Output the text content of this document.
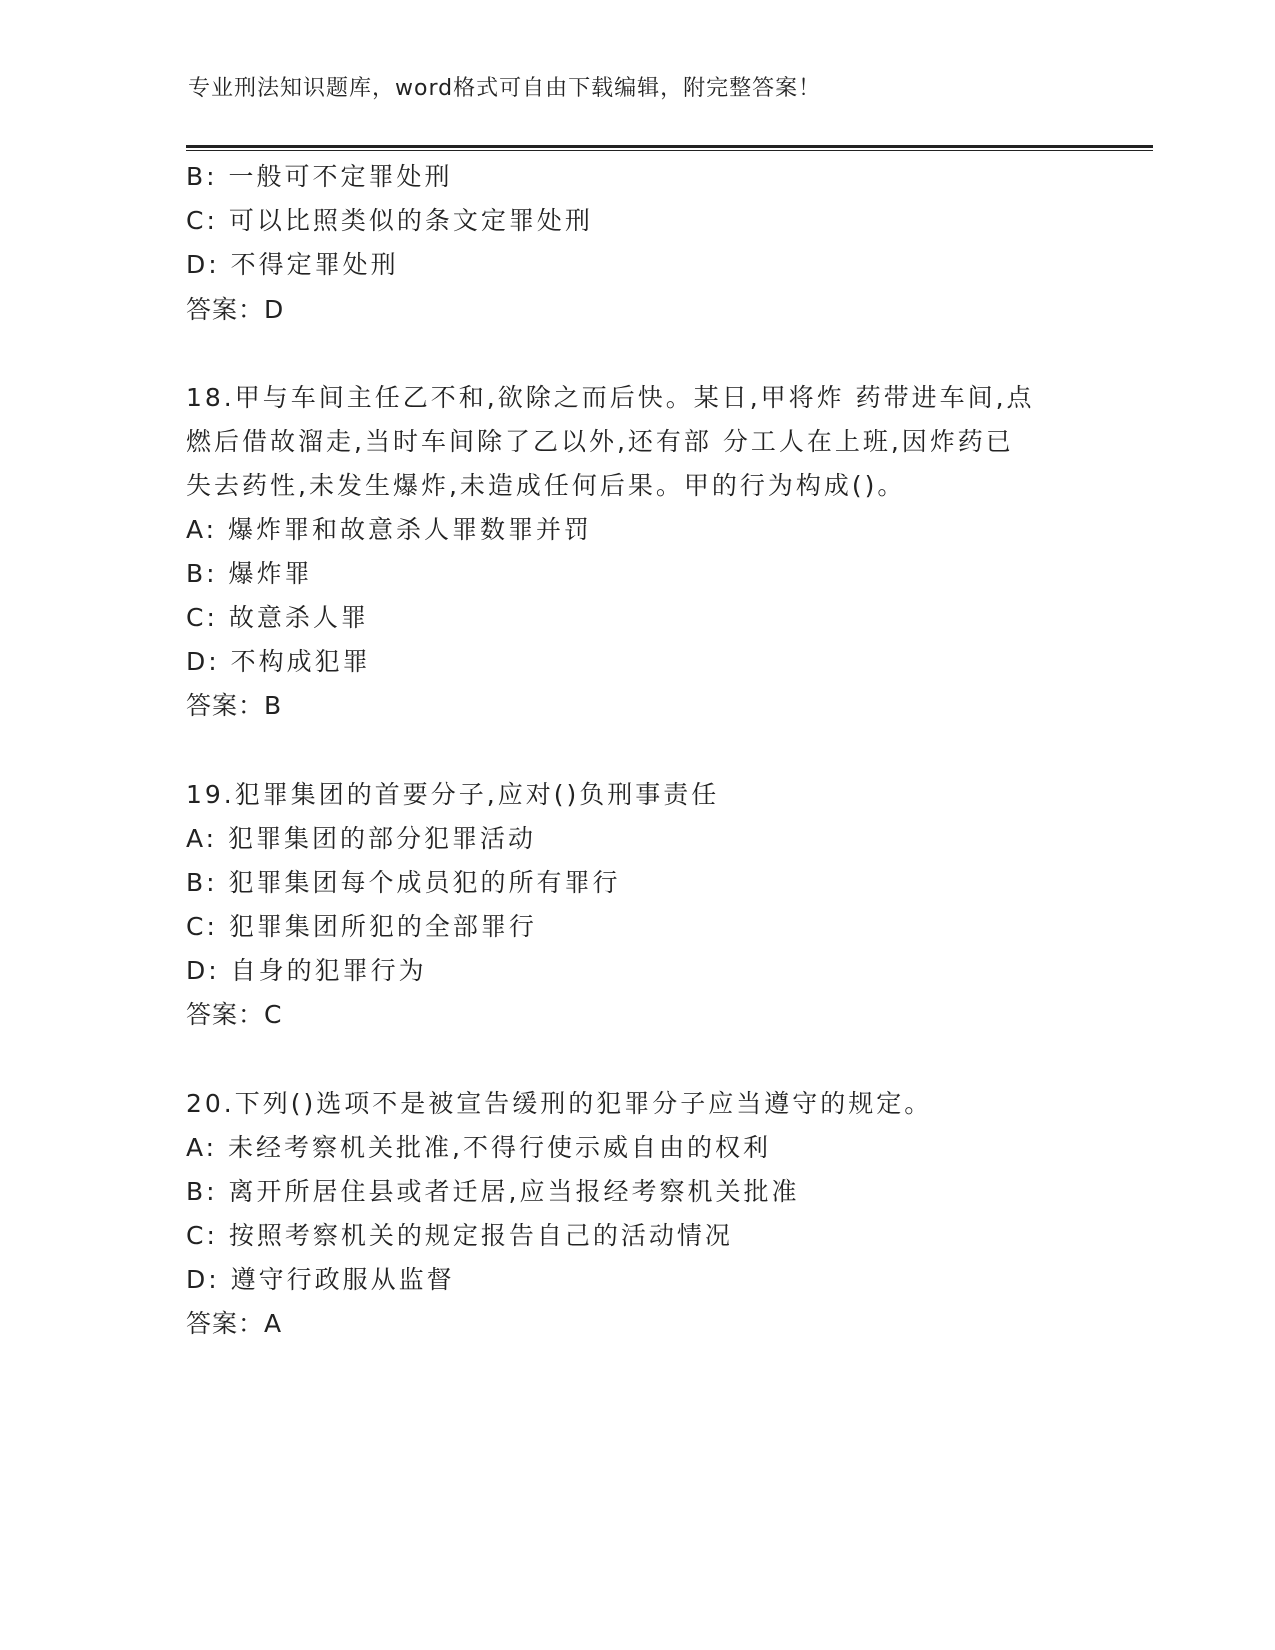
专业刑法知识题库，word格式可自由下载编辑，附完整答案！
B: 一般可不定罪处刑
C: 可以比照类似的条文定罪处刑
D: 不得定罪处刑
答案：D
18.甲与车间主任乙不和,欲除之而后快。某日,甲将炸 药带进车间,点
燃后借故溜走,当时车间除了乙以外,还有部 分工人在上班,因炸药已
失去药性,未发生爆炸,未造成任何后果。甲的行为构成()。
A: 爆炸罪和故意杀人罪数罪并罚
B: 爆炸罪
C: 故意杀人罪
D: 不构成犯罪
答案：B
19.犯罪集团的首要分子,应对()负刑事责任
A: 犯罪集团的部分犯罪活动
B: 犯罪集团每个成员犯的所有罪行
C: 犯罪集团所犯的全部罪行
D: 自身的犯罪行为
答案：C
20.下列()选项不是被宣告缓刑的犯罪分子应当遵守的规定。
A: 未经考察机关批准,不得行使示威自由的权利
B: 离开所居住县或者迁居,应当报经考察机关批准
C: 按照考察机关的规定报告自己的活动情况
D: 遵守行政服从监督
答案：A
